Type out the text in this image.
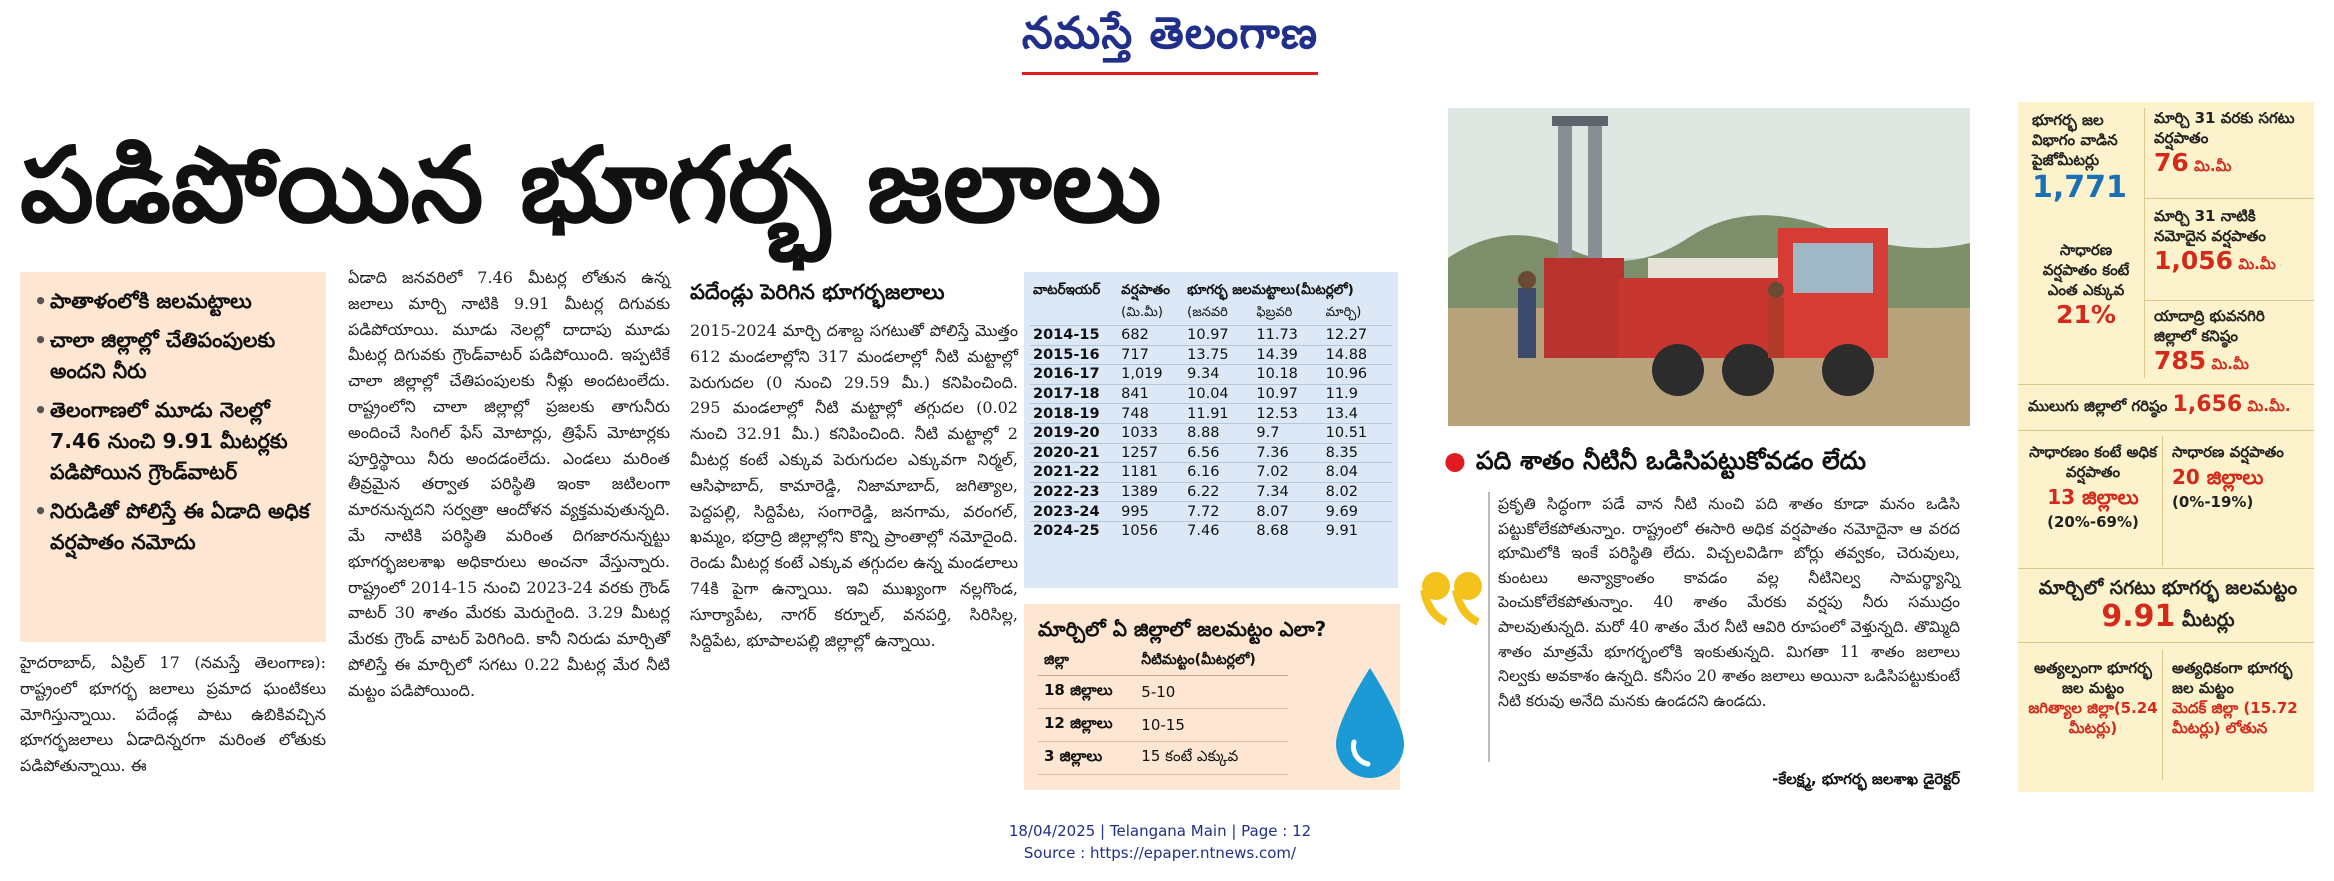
నమస్తే తెలంగాణ
పడిపోయిన భూగర్భ జలాలు
• పాతాళంలోకి జలమట్టాలు
• చాలా జిల్లాల్లో చేతిపంపులకు అందని నీరు
• తెలంగాణలో మూడు నెలల్లో 7.46 నుంచి 9.91 మీటర్లకు పడిపోయిన గ్రౌండ్‌వాటర్
• నిరుడితో పోలిస్తే ఈ ఏడాది అధిక వర్షపాతం నమోదు
హైదరాబాద్, ఏప్రిల్ 17 (నమస్తే తెలంగాణ): రాష్ట్రంలో భూగర్భ జలాలు ప్రమాద ఘంటికలు మోగిస్తున్నాయి. పదేండ్ల పాటు ఉబికివచ్చిన భూగర్భజలాలు ఏడాదిన్నరగా మరింత లోతుకు పడిపోతున్నాయి. ఈ
ఏడాది జనవరిలో 7.46 మీటర్ల లోతున ఉన్న జలాలు మార్చి నాటికి 9.91 మీటర్ల దిగువకు పడిపోయాయి. మూడు నెలల్లో దాదాపు మూడు మీటర్ల దిగువకు గ్రౌండ్‌వాటర్ పడిపోయింది. ఇప్పటికే చాలా జిల్లాల్లో చేతిపంపులకు నీళ్లు అందటంలేదు. రాష్ట్రంలోని చాలా జిల్లాల్లో ప్రజలకు తాగునీరు అందించే సింగిల్ ఫేస్ మోటార్లు, త్రిఫేస్ మోటార్లకు పూర్తిస్థాయి నీరు అందడంలేదు. ఎండలు మరింత తీవ్రమైన తర్వాత పరిస్థితి ఇంకా జటిలంగా మారనున్నదని సర్వత్రా ఆందోళన వ్యక్తమవుతున్నది. మే నాటికి పరిస్థితి మరింత దిగజారనున్నట్టు భూగర్భజలశాఖ అధికారులు అంచనా వేస్తున్నారు. రాష్ట్రంలో 2014-15 నుంచి 2023-24 వరకు గ్రౌండ్ వాటర్ 30 శాతం మేరకు మెరుగైంది. 3.29 మీటర్ల మేరకు గ్రౌండ్ వాటర్ పెరిగింది. కానీ నిరుడు మార్చితో పోలిస్తే ఈ మార్చిలో సగటు 0.22 మీటర్ల మేర నీటి మట్టం పడిపోయింది.
పదేండ్లు పెరిగిన భూగర్భజలాలు
2015-2024 మార్చి దశాబ్ద సగటుతో పోలిస్తే మొత్తం 612 మండలాల్లోని 317 మండలాల్లో నీటి మట్టాల్లో పెరుగుదల (0 నుంచి 29.59 మీ.) కనిపించింది. 295 మండలాల్లో నీటి మట్టాల్లో తగ్గుదల (0.02 నుంచి 32.91 మీ.) కనిపించింది. నీటి మట్టాల్లో 2 మీటర్ల కంటే ఎక్కువ పెరుగుదల ఎక్కువగా నిర్మల్, ఆసిఫాబాద్, కామారెడ్డి, నిజామాబాద్, జగిత్యాల, పెద్దపల్లి, సిద్దిపేట, సంగారెడ్డి, జనగామ, వరంగల్, ఖమ్మం, భద్రాద్రి జిల్లాల్లోని కొన్ని ప్రాంతాల్లో నమోదైంది. రెండు మీటర్ల కంటే ఎక్కువ తగ్గుదల ఉన్న మండలాలు 74కి పైగా ఉన్నాయి. ఇవి ముఖ్యంగా నల్లగొండ, సూర్యాపేట, నాగర్ కర్నూల్, వనపర్తి, సిరిసిల్ల, సిద్దిపేట, భూపాలపల్లి జిల్లాల్లో ఉన్నాయి.
వాటర్‌ఇయర్	వర్షపాతం	భూగర్భ జలమట్టాలు(మీటర్లలో)		
	(మి.మీ)	(జనవరి	ఫిబ్రవరి	మార్చి)
2014-15	682	10.97	11.73	12.27
2015-16	717	13.75	14.39	14.88
2016-17	1,019	9.34	10.18	10.96
2017-18	841	10.04	10.97	11.9
2018-19	748	11.91	12.53	13.4
2019-20	1033	8.88	9.7	10.51
2020-21	1257	6.56	7.36	8.35
2021-22	1181	6.16	7.02	8.04
2022-23	1389	6.22	7.34	8.02
2023-24	995	7.72	8.07	9.69
2024-25	1056	7.46	8.68	9.91
మార్చిలో ఏ జిల్లాలో జలమట్టం ఎలా?
జిల్లా	నీటిమట్టం(మీటర్లలో)
18 జిల్లాలు	5-10
12 జిల్లాలు	10-15
3 జిల్లాలు	15 కంటే ఎక్కువ
● పది శాతం నీటినీ ఒడిసిపట్టుకోవడం లేదు
ప్రకృతి సిద్ధంగా పడే వాన నీటి నుంచి పది శాతం కూడా మనం ఒడిసి పట్టుకోలేకపోతున్నాం. రాష్ట్రంలో ఈసారి అధిక వర్షపాతం నమోదైనా ఆ వరద భూమిలోకి ఇంకే పరిస్థితి లేదు. విచ్చలవిడిగా బోర్లు తవ్వకం, చెరువులు, కుంటలు అన్యాక్రాంతం కావడం వల్ల నీటినిల్వ సామర్థ్యాన్ని పెంచుకోలేకపోతున్నాం. 40 శాతం మేరకు వర్షపు నీరు సముద్రం పాలవుతున్నది. మరో 40 శాతం మేర నీటి ఆవిరి రూపంలో వెళ్తున్నది. తొమ్మిది శాతం మాత్రమే భూగర్భంలోకి ఇంకుతున్నది. మిగతా 11 శాతం జలాలు నిల్వకు అవకాశం ఉన్నది. కనీసం 20 శాతం జలాలు అయినా ఒడిసిపట్టుకుంటే నీటి కరువు అనేది మనకు ఉండదని ఉండదు.
-కేలక్ష్మ, భూగర్భ జలశాఖ డైరెక్టర్
భూగర్భ జల విభాగం వాడిన పైజోమీటర్లు
1,771
సాధారణ వర్షపాతం కంటే ఎంత ఎక్కువ
21%
మార్చి 31 వరకు సగటు వర్షపాతం
76 మి.మీ
మార్చి 31 నాటికి నమోదైన వర్షపాతం
1,056 మి.మీ
యాదాద్రి భువనగిరి జిల్లాలో కనిష్ఠం
785 మి.మీ
ములుగు జిల్లాలో గరిష్ఠం 1,656 మి.మీ.
సాధారణం కంటే అధిక వర్షపాతం
13 జిల్లాలు
(20%-69%)
సాధారణ వర్షపాతం
20 జిల్లాలు
(0%-19%)
మార్చిలో సగటు భూగర్భ జలమట్టం
9.91 మీటర్లు
అత్యల్పంగా భూగర్భ జల మట్టం
జగిత్యాల జిల్లా(5.24 మీటర్లు)
అత్యధికంగా భూగర్భ జల మట్టం
మెదక్ జిల్లా (15.72 మీటర్లు) లోతున
18/04/2025 | Telangana Main | Page : 12
Source : https://epaper.ntnews.com/
